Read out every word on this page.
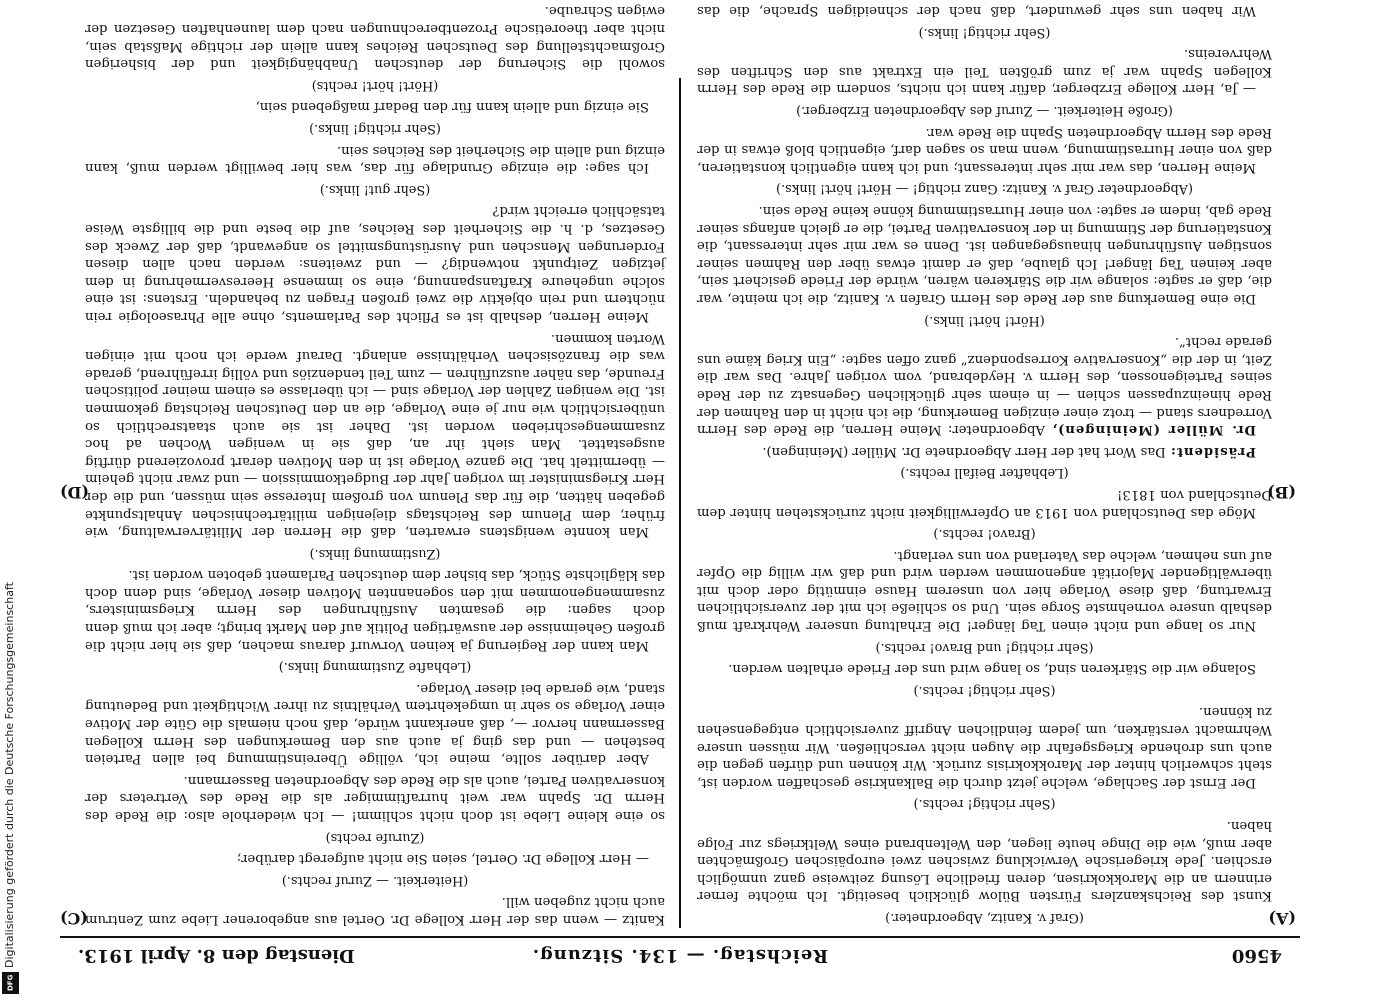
Digitalisierung gefördert durch die Deutsche Forschungsgemeinschaft
DFG
4560
Reichstag. — 134. Sitzung.
Dienstag den 8. April 1913.
(A)
(B)
(C)
(D)

(Graf v. Kanitz, Abgeordneter.)

Kunst des Reichskanzlers Fürsten Bülow glücklich beseitigt. Ich möchte ferner erinnern an die Marokkokrisen, deren friedliche Lösung zeitweise ganz unmöglich erschien. Jede kriegerische Verwicklung zwischen zwei europäischen Großmächten aber muß, wie die Dinge heute liegen, den Weltenbrand eines Weltkriegs zur Folge haben.

(Sehr richtig! rechts.)

Der Ernst der Sachlage, welche jetzt durch die Balkankrise geschaffen worden ist, steht schwerlich hinter der Marokkokrisis zurück. Wir können und dürfen gegen die auch uns drohende Kriegsgefahr die Augen nicht verschließen. Wir müssen unsere Wehrmacht verstärken, um jedem feindlichen Angriff zuversichtlich entgegensehen zu können.

(Sehr richtig! rechts.)

Solange wir die Stärkeren sind, so lange wird uns der Friede erhalten werden.

(Sehr richtig! und Bravo! rechts.)

Nur so lange und nicht einen Tag länger! Die Erhaltung unserer Wehrkraft muß deshalb unsere vornehmste Sorge sein. Und so schließe ich mit der zuversichtlichen Erwartung, daß diese Vorlage hier von unserem Hause einmütig oder doch mit überwältigender Majorität angenommen werden wird und daß wir willig die Opfer auf uns nehmen, welche das Vaterland von uns verlangt.

(Bravo! rechts.)

Möge das Deutschland von 1913 an Opferwilligkeit nicht zurückstehen hinter dem Deutschland von 1813!

(Lebhafter Beifall rechts.)

Präsident: Das Wort hat der Herr Abgeordnete Dr. Müller (Meiningen).

Dr. Müller (Meiningen), Abgeordneter: Meine Herren, die Rede des Herrn Vorredners stand — trotz einer einzigen Bemerkung, die ich nicht in den Rahmen der Rede hineinzupassen schien — in einem sehr glücklichen Gegensatz zu der Rede seines Parteigenossen, des Herrn v. Heydebrand, vom vorigen Jahre. Das war die Zeit, in der die „Konservative Korrespondenz“ ganz offen sagte: „Ein Krieg käme uns gerade recht“.

(Hört! hört! links.)

Die eine Bemerkung aus der Rede des Herrn Grafen v. Kanitz, die ich meinte, war die, daß er sagte: solange wir die Stärkeren wären, würde der Friede gesichert sein, aber keinen Tag länger! Ich glaube, daß er damit etwas über den Rahmen seiner sonstigen Ausführungen hinausgegangen ist. Denn es war mir sehr interessant, die Konstatierung der Stimmung in der konservativen Partei, die er gleich anfangs seiner Rede gab, indem er sagte: von einer Hurrastimmung könne keine Rede sein.

(Abgeordneter Graf v. Kanitz: Ganz richtig! — Hört! hört! links.)

Meine Herren, das war mir sehr interessant; und ich kann eigentlich konstatieren, daß von einer Hurrastimmung, wenn man so sagen darf, eigentlich bloß etwas in der Rede des Herrn Abgeordneten Spahn die Rede war.

(Große Heiterkeit. — Zuruf des Abgeordneten Erzberger.)

— Ja, Herr Kollege Erzberger, dafür kann ich nichts, sondern die Rede des Herrn Kollegen Spahn war ja zum größten Teil ein Extrakt aus den Schriften des Wehrvereins.

(Sehr richtig! links.)

Wir haben uns sehr gewundert, daß nach der schneidigen Sprache, die das

Kanitz — wenn das der Herr Kollege Dr. Oertel aus angeborener Liebe zum Zentrum auch nicht zugeben will.

(Heiterkeit. — Zuruf rechts.)

— Herr Kollege Dr. Oertel, seien Sie nicht aufgeregt darüber;

(Zurufe rechts)

so eine kleine Liebe ist doch nicht schlimm! — Ich wiederhole also: die Rede des Herrn Dr. Spahn war weit hurraſtimmiger als die Rede des Vertreters der konservativen Partei, auch als die Rede des Abgeordneten Bassermann.

Aber darüber sollte, meine ich, völlige Übereinstimmung bei allen Parteien bestehen — und das ging ja auch aus den Bemerkungen des Herrn Kollegen Bassermann hervor —, daß anerkannt würde, daß noch niemals die Güte der Motive einer Vorlage so sehr in umgekehrtem Verhältnis zu ihrer Wichtigkeit und Bedeutung stand, wie gerade bei dieser Vorlage.

(Lebhafte Zustimmung links.)

Man kann der Regierung ja keinen Vorwurf daraus machen, daß sie hier nicht die großen Geheimnisse der auswärtigen Politik auf den Markt bringt; aber ich muß denn doch sagen: die gesamten Ausführungen des Herrn Kriegsministers, zusammengenommen mit den sogenannten Motiven dieser Vorlage, sind denn doch das kläglichste Stück, das bisher dem deutschen Parlament geboten worden ist.

(Zustimmung links.)

Man konnte wenigstens erwarten, daß die Herren der Militärverwaltung, wie früher, dem Plenum des Reichstags diejenigen militärtechnischen Anhaltspunkte gegeben hätten, die für das Plenum von großem Interesse sein müssen, und die der Herr Kriegsminister im vorigen Jahr der Budgetkommission — und zwar nicht geheim — übermittelt hat. Die ganze Vorlage ist in den Motiven derart provozierend dürftig ausgestattet. Man sieht ihr an, daß sie in wenigen Wochen ad hoc zusammengeschrieben worden ist. Daher ist sie auch staatsrechtlich so unübersichtlich wie nur je eine Vorlage, die an den Deutschen Reichstag gekommen ist. Die wenigen Zahlen der Vorlage sind — ich überlasse es einem meiner politischen Freunde, das näher auszuführen — zum Teil tendenziös und völlig irreführend, gerade was die französischen Verhältnisse anlangt. Darauf werde ich noch mit einigen Worten kommen.

Meine Herren, deshalb ist es Pflicht des Parlaments, ohne alle Phraseologie rein nüchtern und rein objektiv die zwei großen Fragen zu behandeln. Erstens: ist eine solche ungeheure Kraftanspannung, eine so immense Heeresvermehrung in dem jetzigen Zeitpunkt notwendig? — und zweitens: werden nach allen diesen Forderungen Menschen und Ausrüstungsmittel so angewandt, daß der Zweck des Gesetzes, d. h. die Sicherheit des Reiches, auf die beste und die billigste Weise tatsächlich erreicht wird?

(Sehr gut! links.)

Ich sage: die einzige Grundlage für das, was hier bewilligt werden muß, kann einzig und allein die Sicherheit des Reiches sein.

(Sehr richtig! links.)

Sie einzig und allein kann für den Bedarf maßgebend sein,

(Hört! hört! rechts)

sowohl die Sicherung der deutschen Unabhängigkeit und der bisherigen Großmachtstellung des Deutschen Reiches kann allein der richtige Maßstab sein, nicht aber theoretische Prozentberechnungen nach dem launenhaften Gesetzen der ewigen Schraube.
